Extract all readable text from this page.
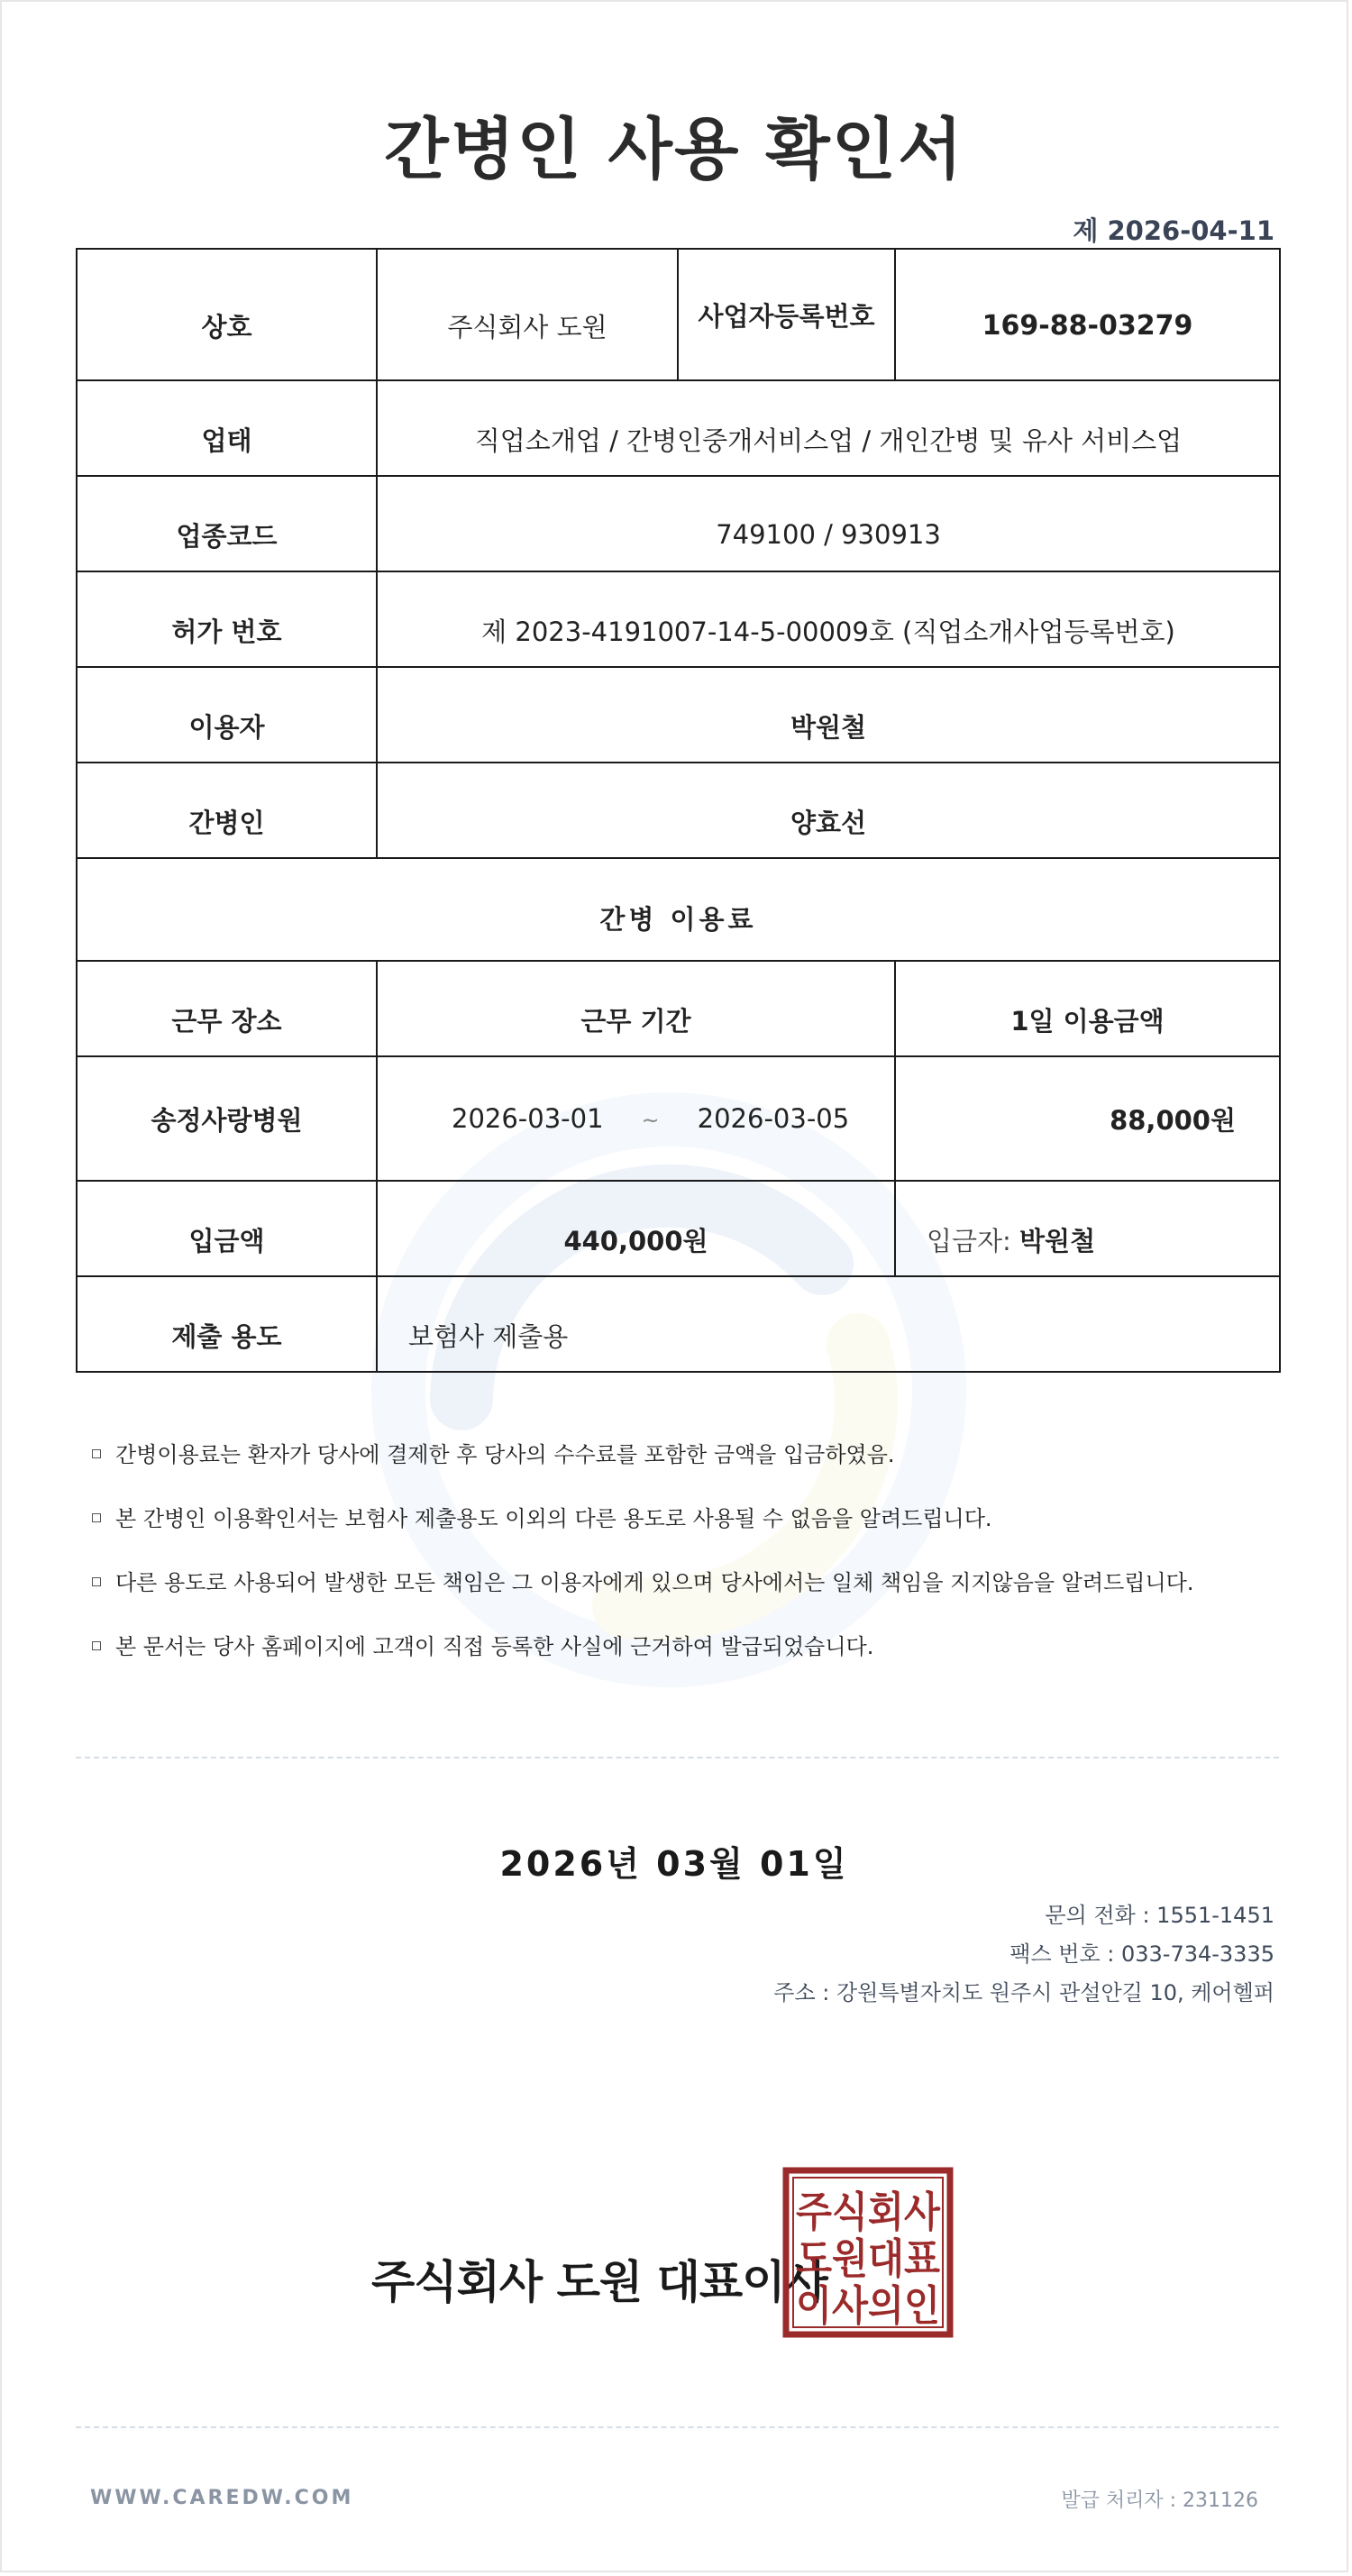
간병인 사용 확인서
제 2026-04-11
상호	주식회사 도원	사업자등록번호	169-88-03279
업태	직업소개업 / 간병인중개서비스업 / 개인간병 및 유사 서비스업		
업종코드	749100 / 930913		
허가 번호	제 2023-4191007-14-5-00009호 (직업소개사업등록번호)		
이용자	박원철		
간병인	양효선		
간병 이용료			
근무 장소	근무 기간		1일 이용금액
송정사랑병원	2026-03-01 ~ 2026-03-05		88,000원
입금액	440,000원		입금자: 박원철
제출 용도	보험사 제출용		
간병이용료는 환자가 당사에 결제한 후 당사의 수수료를 포함한 금액을 입금하였음.
본 간병인 이용확인서는 보험사 제출용도 이외의 다른 용도로 사용될 수 없음을 알려드립니다.
다른 용도로 사용되어 발생한 모든 책임은 그 이용자에게 있으며 당사에서는 일체 책임을 지지않음을 알려드립니다.
본 문서는 당사 홈페이지에 고객이 직접 등록한 사실에 근거하여 발급되었습니다.
2026년 03월 01일
문의 전화 : 1551-1451
팩스 번호 : 033-734-3335
주소 : 강원특별자치도 원주시 관설안길 10, 케어헬퍼
주식회사 도원 대표이사
주식회사
도원대표
이사의인
WWW.CAREDW.COM	발급 처리자 : 231126
